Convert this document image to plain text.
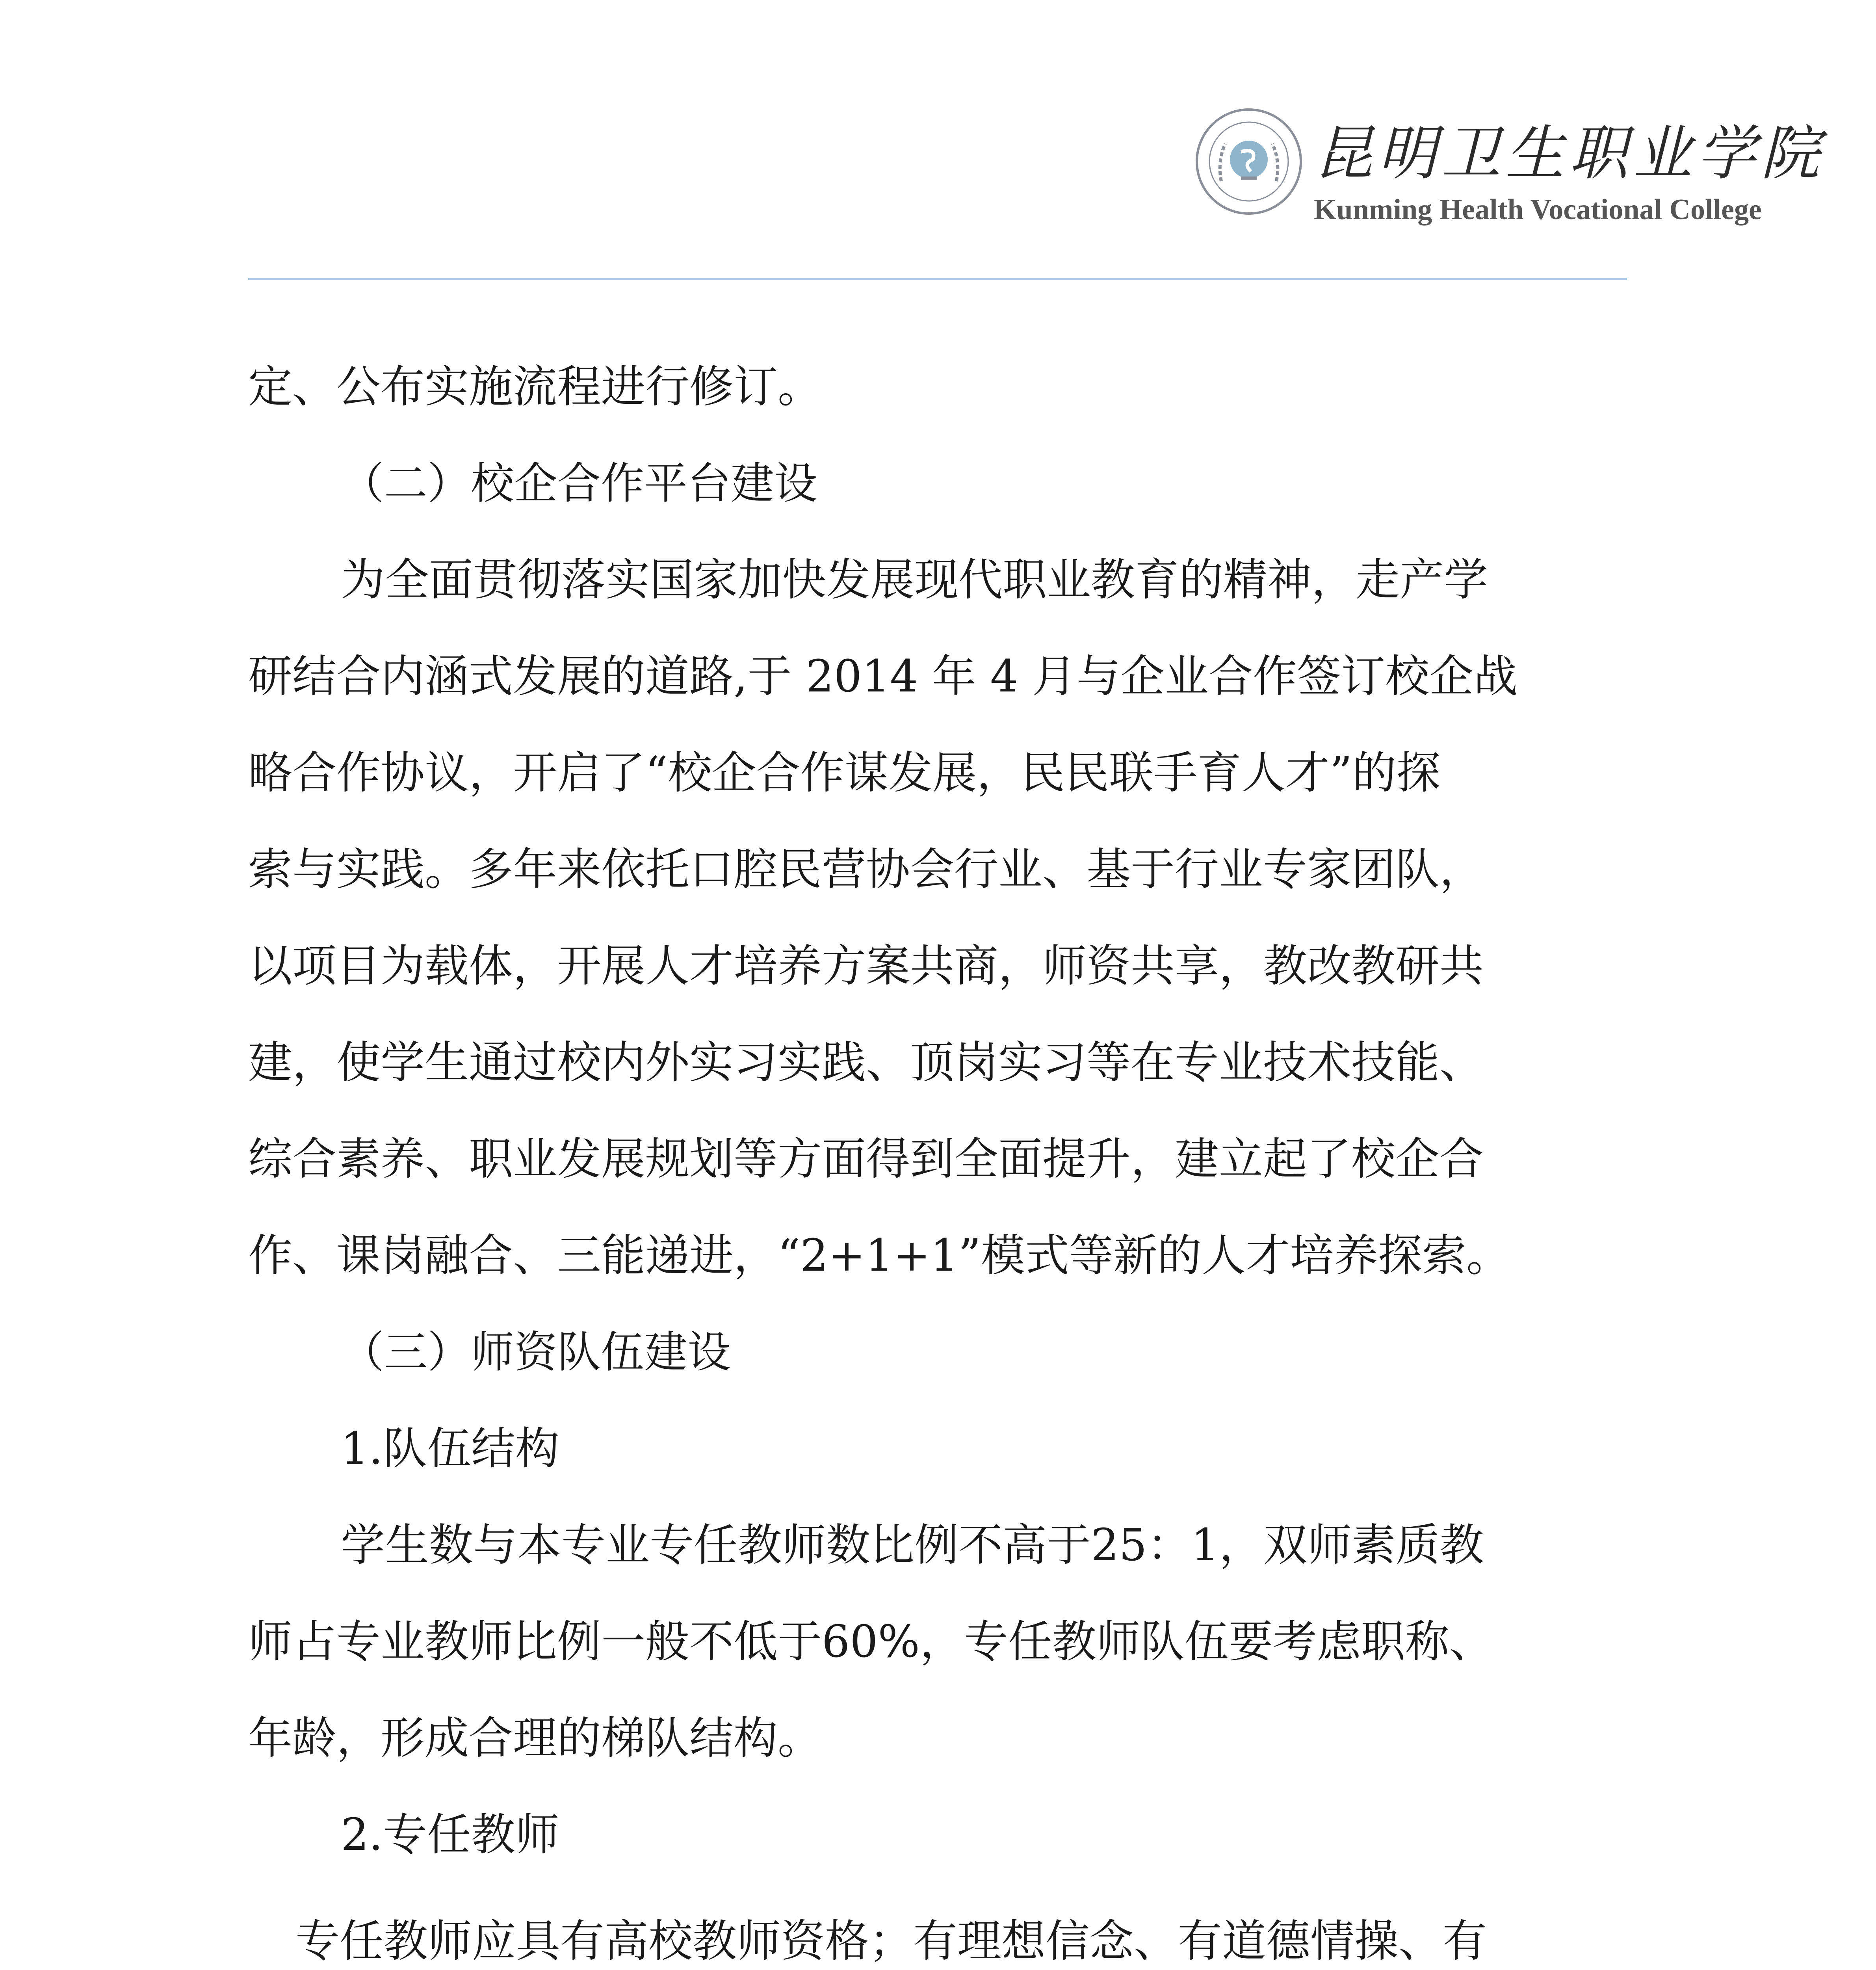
昆明卫生职业学院
Kunming Health Vocational College
定、公布实施流程进行修订。
（二）校企合作平台建设
为全面贯彻落实国家加快发展现代职业教育的精神，走产学
研结合内涵式发展的道路,于 2014 年 4 月与企业合作签订校企战
略合作协议，开启了“校企合作谋发展，民民联手育人才”的探
索与实践。多年来依托口腔民营协会行业、基于行业专家团队，
以项目为载体，开展人才培养方案共商，师资共享，教改教研共
建，使学生通过校内外实习实践、顶岗实习等在专业技术技能、
综合素养、职业发展规划等方面得到全面提升，建立起了校企合
作、课岗融合、三能递进，“2+1+1”模式等新的人才培养探索。
（三）师资队伍建设
1.队伍结构
学生数与本专业专任教师数比例不高于25：1，双师素质教
师占专业教师比例一般不低于60%，专任教师队伍要考虑职称、
年龄，形成合理的梯队结构。
2.专任教师
专任教师应具有高校教师资格；有理想信念、有道德情操、有
